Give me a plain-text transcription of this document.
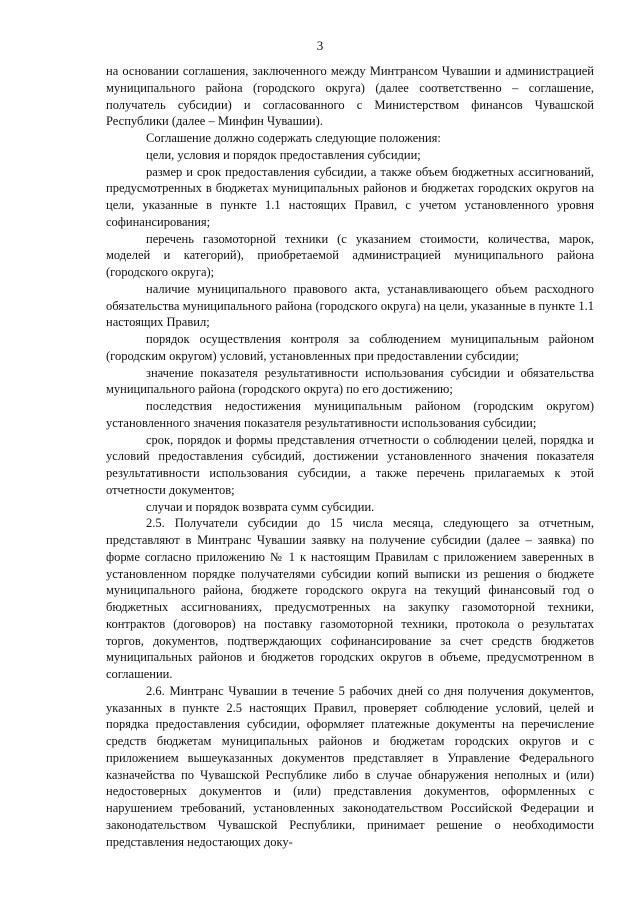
3

на основании соглашения, заключенного между Минтрансом Чувашии и администрацией муниципального района (городского округа) (далее соответственно – соглашение, получатель субсидии) и согласованного с Министерством финансов Чувашской Республики (далее – Минфин Чувашии).

Соглашение должно содержать следующие положения:

цели, условия и порядок предоставления субсидии;

размер и срок предоставления субсидии, а также объем бюджетных ассигнований, предусмотренных в бюджетах муниципальных районов и бюджетах городских округов на цели, указанные в пункте 1.1 настоящих Правил, с учетом установленного уровня софинансирования;

перечень газомоторной техники (с указанием стоимости, количества, марок, моделей и категорий), приобретаемой администрацией муниципального района (городского округа);

наличие муниципального правового акта, устанавливающего объем расходного обязательства муниципального района (городского округа) на цели, указанные в пункте 1.1 настоящих Правил;

порядок осуществления контроля за соблюдением муниципальным районом (городским округом) условий, установленных при предоставлении субсидии;

значение показателя результативности использования субсидии и обязательства муниципального района (городского округа) по его достижению;

последствия недостижения муниципальным районом (городским округом) установленного значения показателя результативности использования субсидии;

срок, порядок и формы представления отчетности о соблюдении целей, порядка и условий предоставления субсидий, достижении установленного значения показателя результативности использования субсидии, а также перечень прилагаемых к этой отчетности документов;

случаи и порядок возврата сумм субсидии.

2.5. Получатели субсидии до 15 числа месяца, следующего за отчетным, представляют в Минтранс Чувашии заявку на получение субсидии (далее – заявка) по форме согласно приложению № 1 к настоящим Правилам с приложением заверенных в установленном порядке получателями субсидии копий выписки из решения о бюджете муниципального района, бюджете городского округа на текущий финансовый год о бюджетных ассигнованиях, предусмотренных на закупку газомоторной техники, контрактов (договоров) на поставку газомоторной техники, протокола о результатах торгов, документов, подтверждающих софинансирование за счет средств бюджетов муниципальных районов и бюджетов городских округов в объеме, предусмотренном в соглашении.

2.6. Минтранс Чувашии в течение 5 рабочих дней со дня получения документов, указанных в пункте 2.5 настоящих Правил, проверяет соблюдение условий, целей и порядка предоставления субсидии, оформляет платежные документы на перечисление средств бюджетам муниципальных районов и бюджетам городских округов и с приложением вышеуказанных документов представляет в Управление Федерального казначейства по Чувашской Республике либо в случае обнаружения неполных и (или) недостоверных документов и (или) представления документов, оформленных с нарушением требований, установленных законодательством Российской Федерации и законодательством Чувашской Республики, принимает решение о необходимости представления недостающих доку-
